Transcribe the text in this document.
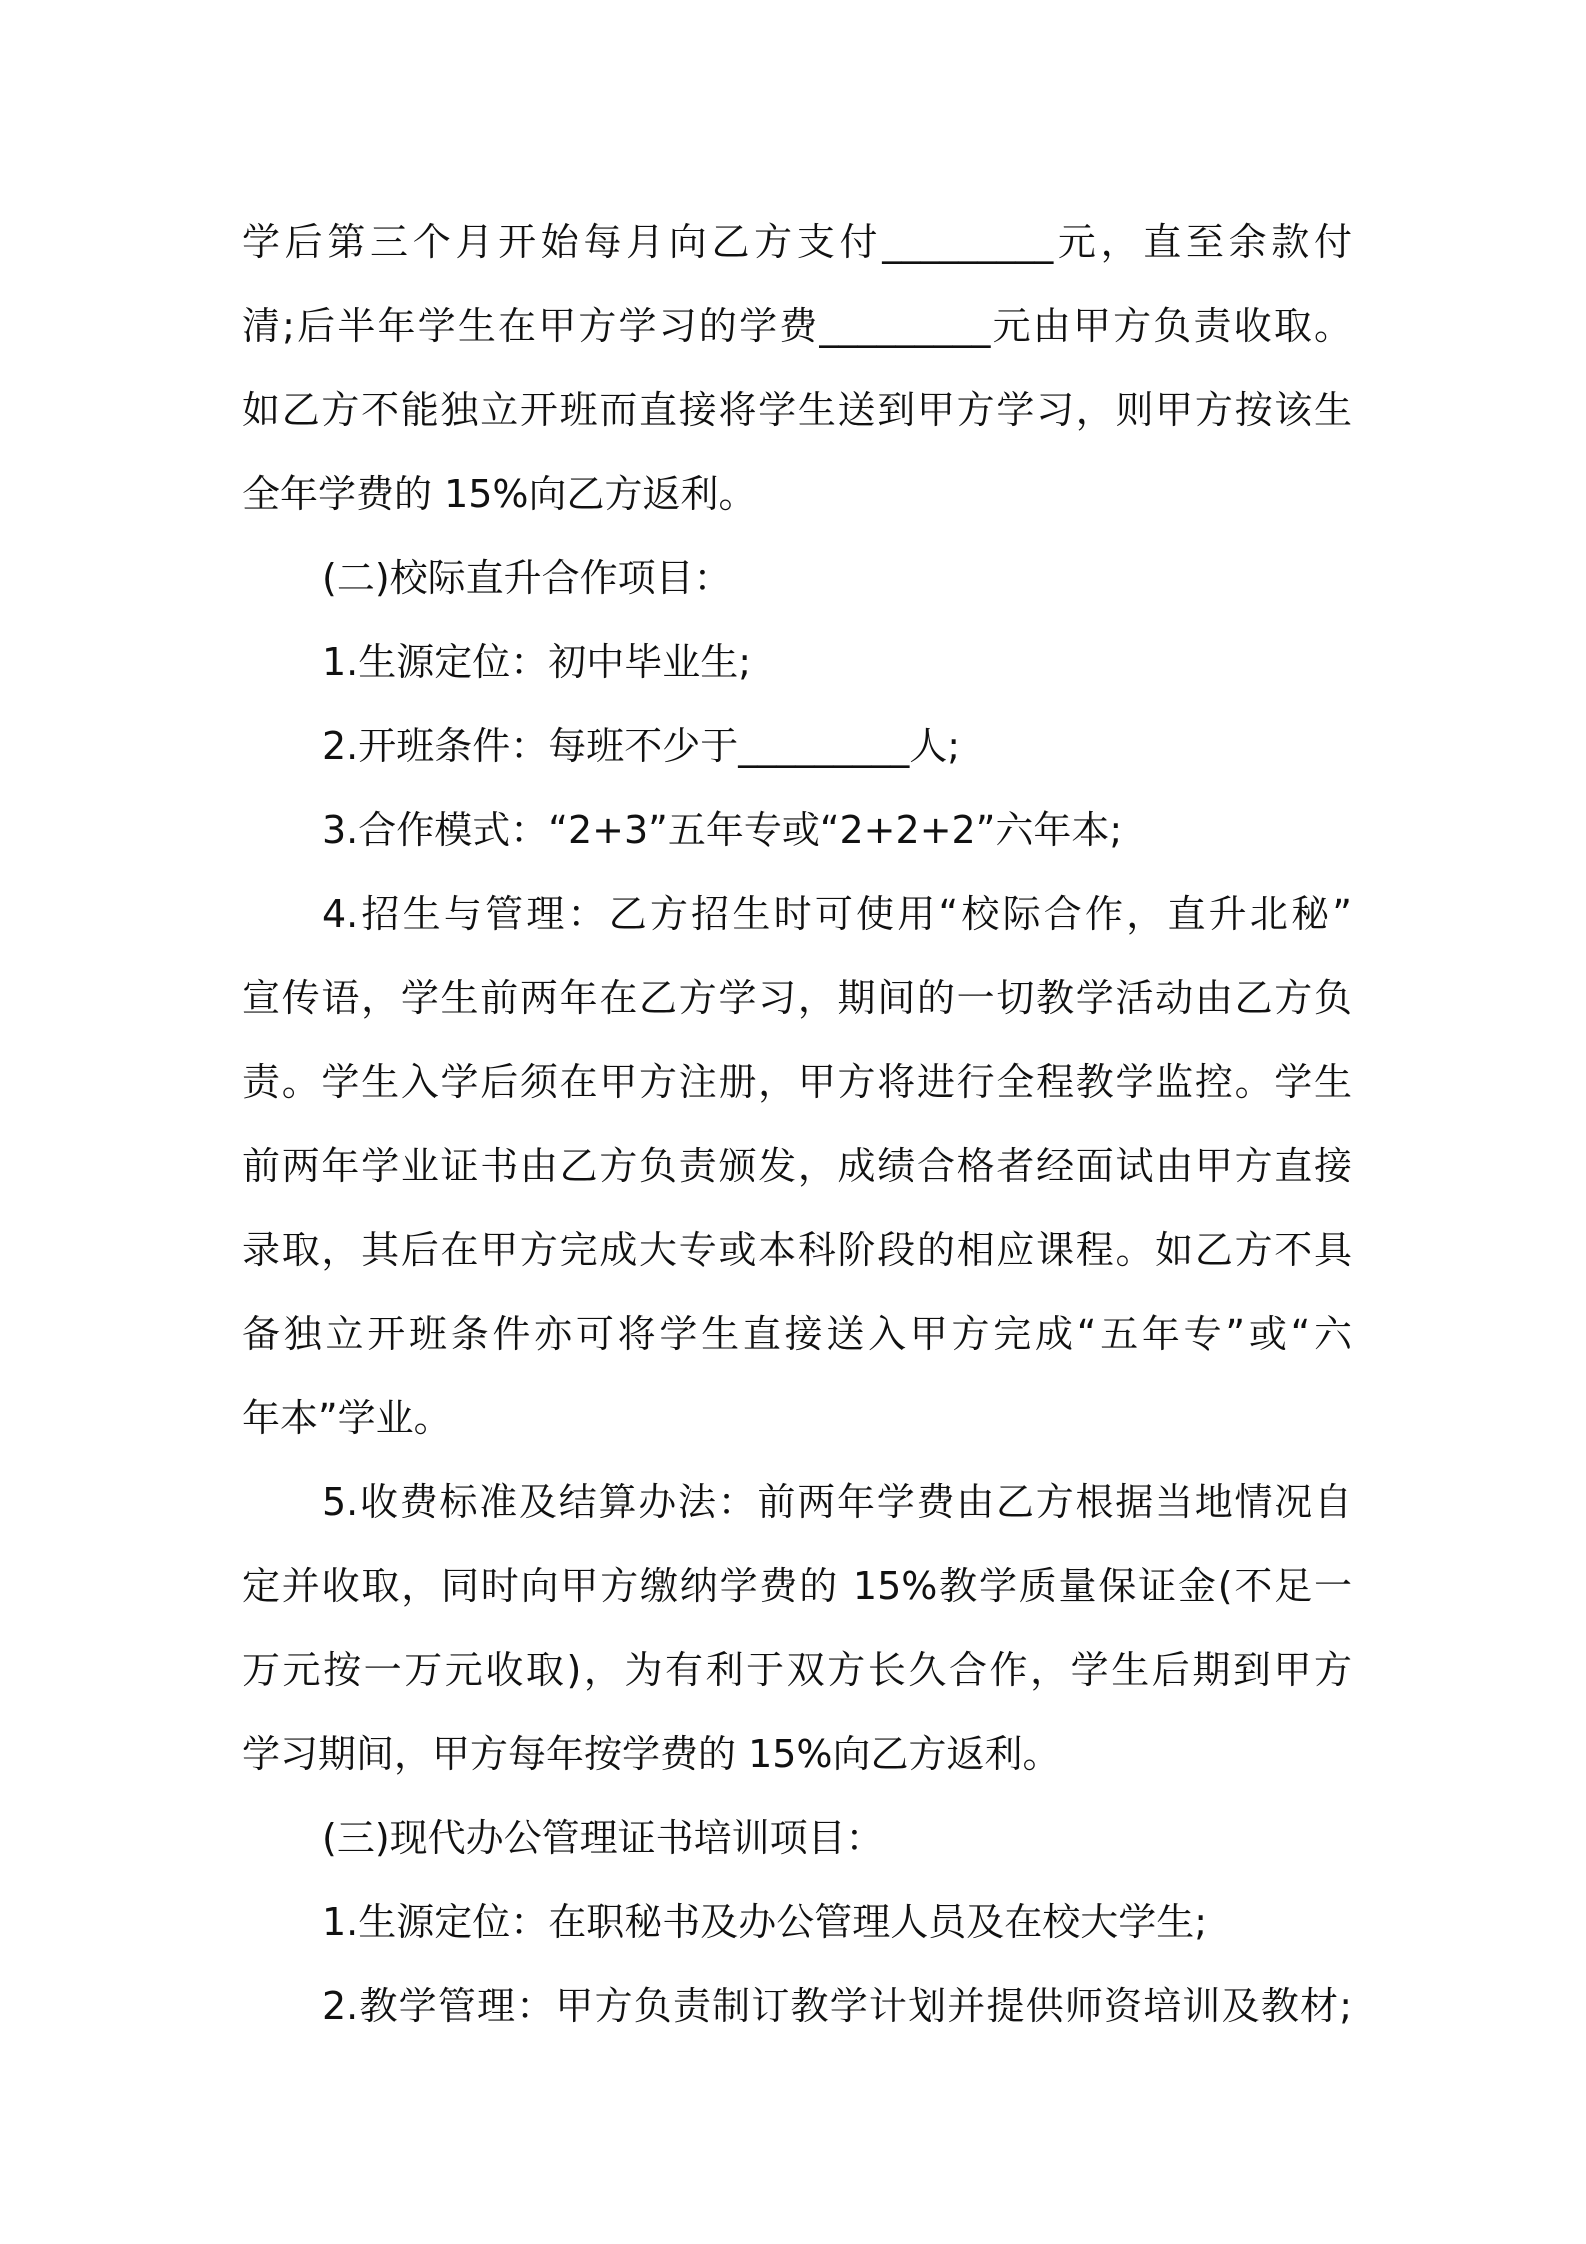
学后第三个月开始每月向乙方支付_________元，直至余款付
清;后半年学生在甲方学习的学费_________元由甲方负责收取。
如乙方不能独立开班而直接将学生送到甲方学习，则甲方按该生
全年学费的 15%向乙方返利。
(二)校际直升合作项目：
1.生源定位：初中毕业生;
2.开班条件：每班不少于_________人;
3.合作模式：“2+3”五年专或“2+2+2”六年本;
4.招生与管理：乙方招生时可使用“校际合作，直升北秘”
宣传语，学生前两年在乙方学习，期间的一切教学活动由乙方负
责。学生入学后须在甲方注册，甲方将进行全程教学监控。学生
前两年学业证书由乙方负责颁发，成绩合格者经面试由甲方直接
录取，其后在甲方完成大专或本科阶段的相应课程。如乙方不具
备独立开班条件亦可将学生直接送入甲方完成“五年专”或“六
年本”学业。
5.收费标准及结算办法：前两年学费由乙方根据当地情况自
定并收取，同时向甲方缴纳学费的 15%教学质量保证金(不足一
万元按一万元收取)，为有利于双方长久合作，学生后期到甲方
学习期间，甲方每年按学费的 15%向乙方返利。
(三)现代办公管理证书培训项目：
1.生源定位：在职秘书及办公管理人员及在校大学生;
2.教学管理：甲方负责制订教学计划并提供师资培训及教材;
